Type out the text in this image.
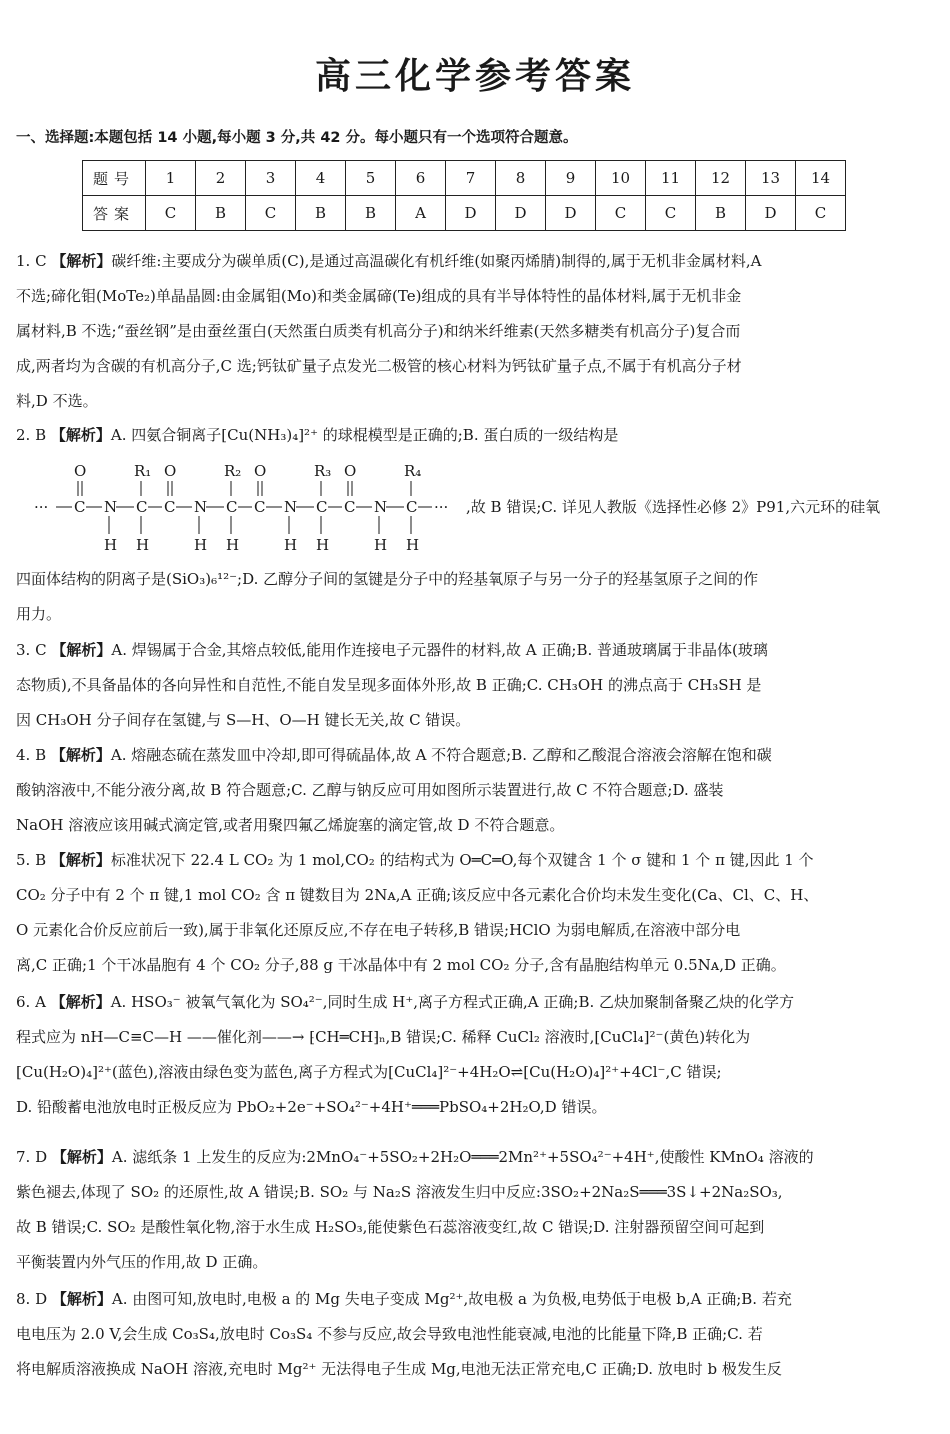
高三化学参考答案
一、选择题:本题包括 14 小题,每小题 3 分,共 42 分。每小题只有一个选项符合题意。
题号	1	2	3	4	5	6	7	8	9	10	11	12	13	14
答案	C	B	C	B	B	A	D	D	D	C	C	B	D	C
1. C 【解析】碳纤维:主要成分为碳单质(C),是通过高温碳化有机纤维(如聚丙烯腈)制得的,属于无机非金属材料,A
不选;碲化钼(MoTe₂)单晶晶圆:由金属钼(Mo)和类金属碲(Te)组成的具有半导体特性的晶体材料,属于无机非金
属材料,B 不选;“蚕丝钢”是由蚕丝蛋白(天然蛋白质类有机高分子)和纳米纤维素(天然多糖类有机高分子)复合而
成,两者均为含碳的有机高分子,C 选;钙钛矿量子点发光二极管的核心材料为钙钛矿量子点,不属于有机高分子材
料,D 不选。
2. B 【解析】A. 四氨合铜离子[Cu(NH₃)₄]²⁺ 的球棍模型是正确的;B. 蛋白质的一级结构是
··· C N C C N C C N C C N C ···
O	R₁ O	R₂ O	R₃ O	R₄
H H	H H	H H	H H
,故 B 错误;C. 详见人教版《选择性必修 2》P91,六元环的硅氧
四面体结构的阴离子是(SiO₃)₆¹²⁻;D. 乙醇分子间的氢键是分子中的羟基氧原子与另一分子的羟基氢原子之间的作
用力。
3. C 【解析】A. 焊锡属于合金,其熔点较低,能用作连接电子元器件的材料,故 A 正确;B. 普通玻璃属于非晶体(玻璃
态物质),不具备晶体的各向异性和自范性,不能自发呈现多面体外形,故 B 正确;C. CH₃OH 的沸点高于 CH₃SH 是
因 CH₃OH 分子间存在氢键,与 S—H、O—H 键长无关,故 C 错误。
4. B 【解析】A. 熔融态硫在蒸发皿中冷却,即可得硫晶体,故 A 不符合题意;B. 乙醇和乙酸混合溶液会溶解在饱和碳
酸钠溶液中,不能分液分离,故 B 符合题意;C. 乙醇与钠反应可用如图所示装置进行,故 C 不符合题意;D. 盛装
NaOH 溶液应该用碱式滴定管,或者用聚四氟乙烯旋塞的滴定管,故 D 不符合题意。
5. B 【解析】标准状况下 22.4 L CO₂ 为 1 mol,CO₂ 的结构式为 O═C═O,每个双键含 1 个 σ 键和 1 个 π 键,因此 1 个
CO₂ 分子中有 2 个 π 键,1 mol CO₂ 含 π 键数目为 2Nᴀ,A 正确;该反应中各元素化合价均未发生变化(Ca、Cl、C、H、
O 元素化合价反应前后一致),属于非氧化还原反应,不存在电子转移,B 错误;HClO 为弱电解质,在溶液中部分电
离,C 正确;1 个干冰晶胞有 4 个 CO₂ 分子,88 g 干冰晶体中有 2 mol CO₂ 分子,含有晶胞结构单元 0.5Nᴀ,D 正确。
6. A 【解析】A. HSO₃⁻ 被氧气氧化为 SO₄²⁻,同时生成 H⁺,离子方程式正确,A 正确;B. 乙炔加聚制备聚乙炔的化学方
程式应为 nH—C≡C—H ——催化剂——→ ⁅CH═CH⁆ₙ,B 错误;C. 稀释 CuCl₂ 溶液时,[CuCl₄]²⁻(黄色)转化为
[Cu(H₂O)₄]²⁺(蓝色),溶液由绿色变为蓝色,离子方程式为[CuCl₄]²⁻+4H₂O⇌[Cu(H₂O)₄]²⁺+4Cl⁻,C 错误;
D. 铅酸蓄电池放电时正极反应为 PbO₂+2e⁻+SO₄²⁻+4H⁺═══PbSO₄+2H₂O,D 错误。
7. D 【解析】A. 滤纸条 1 上发生的反应为:2MnO₄⁻+5SO₂+2H₂O═══2Mn²⁺+5SO₄²⁻+4H⁺,使酸性 KMnO₄ 溶液的
紫色褪去,体现了 SO₂ 的还原性,故 A 错误;B. SO₂ 与 Na₂S 溶液发生归中反应:3SO₂+2Na₂S═══3S↓+2Na₂SO₃,
故 B 错误;C. SO₂ 是酸性氧化物,溶于水生成 H₂SO₃,能使紫色石蕊溶液变红,故 C 错误;D. 注射器预留空间可起到
平衡装置内外气压的作用,故 D 正确。
8. D 【解析】A. 由图可知,放电时,电极 a 的 Mg 失电子变成 Mg²⁺,故电极 a 为负极,电势低于电极 b,A 正确;B. 若充
电电压为 2.0 V,会生成 Co₃S₄,放电时 Co₃S₄ 不参与反应,故会导致电池性能衰减,电池的比能量下降,B 正确;C. 若
将电解质溶液换成 NaOH 溶液,充电时 Mg²⁺ 无法得电子生成 Mg,电池无法正常充电,C 正确;D. 放电时 b 极发生反
